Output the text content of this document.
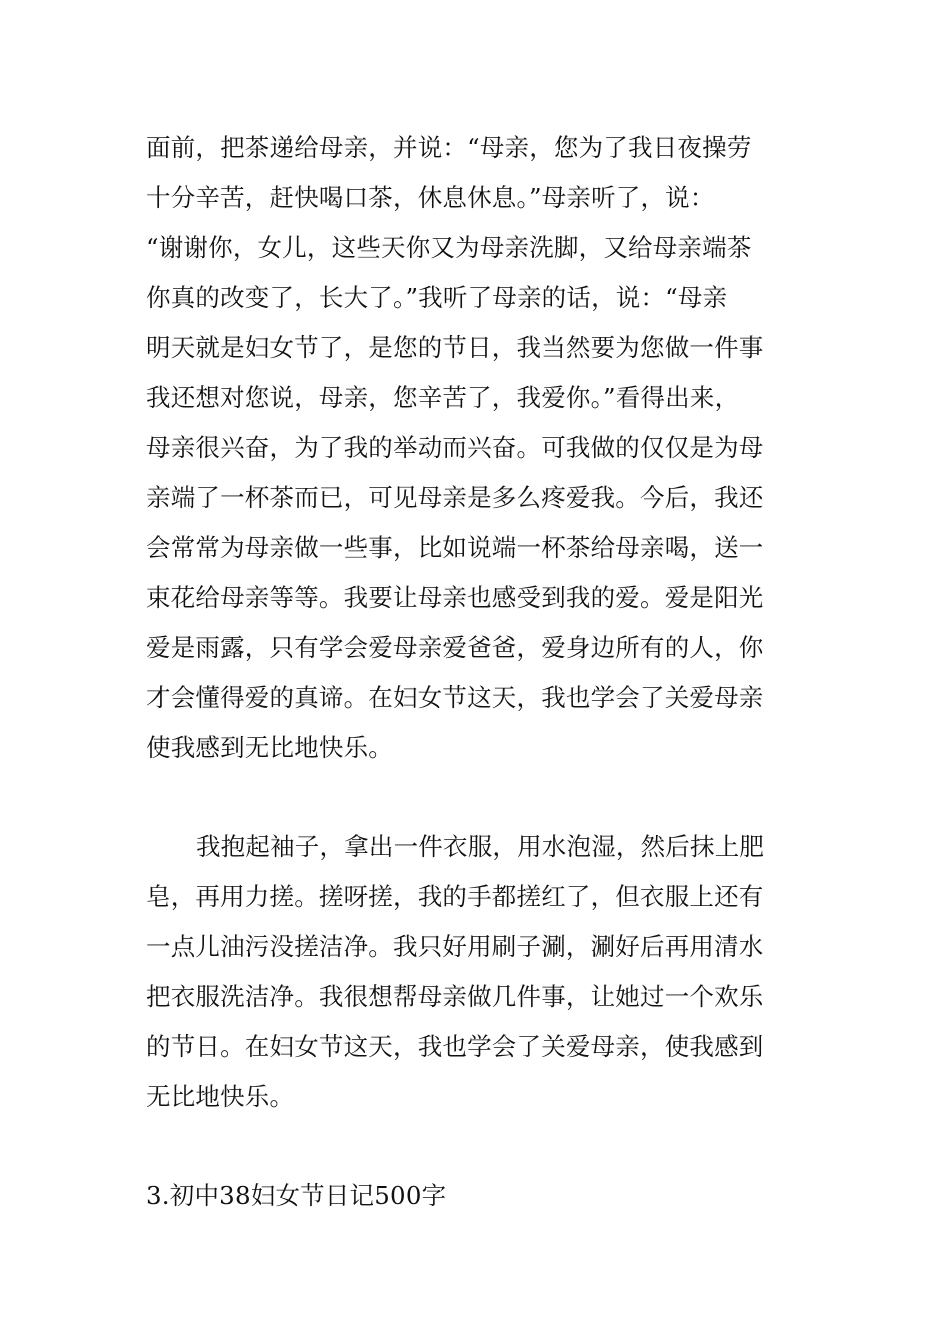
面前，把茶递给母亲，并说：“母亲，您为了我日夜操劳
十分辛苦，赶快喝口茶，休息休息。”母亲听了，说：
“谢谢你，女儿，这些天你又为母亲洗脚，又给母亲端茶
你真的改变了，长大了。”我听了母亲的话，说：“母亲
明天就是妇女节了，是您的节日，我当然要为您做一件事
我还想对您说，母亲，您辛苦了，我爱你。”看得出来，
母亲很兴奋，为了我的举动而兴奋。可我做的仅仅是为母
亲端了一杯茶而已，可见母亲是多么疼爱我。今后，我还
会常常为母亲做一些事，比如说端一杯茶给母亲喝，送一
束花给母亲等等。我要让母亲也感受到我的爱。爱是阳光
爱是雨露，只有学会爱母亲爱爸爸，爱身边所有的人，你
才会懂得爱的真谛。在妇女节这天，我也学会了关爱母亲
使我感到无比地快乐。
我抱起袖子，拿出一件衣服，用水泡湿，然后抹上肥
皂，再用力搓。搓呀搓，我的手都搓红了，但衣服上还有
一点儿油污没搓洁净。我只好用刷子涮，涮好后再用清水
把衣服洗洁净。我很想帮母亲做几件事，让她过一个欢乐
的节日。在妇女节这天，我也学会了关爱母亲，使我感到
无比地快乐。
3.初中38妇女节日记500字
